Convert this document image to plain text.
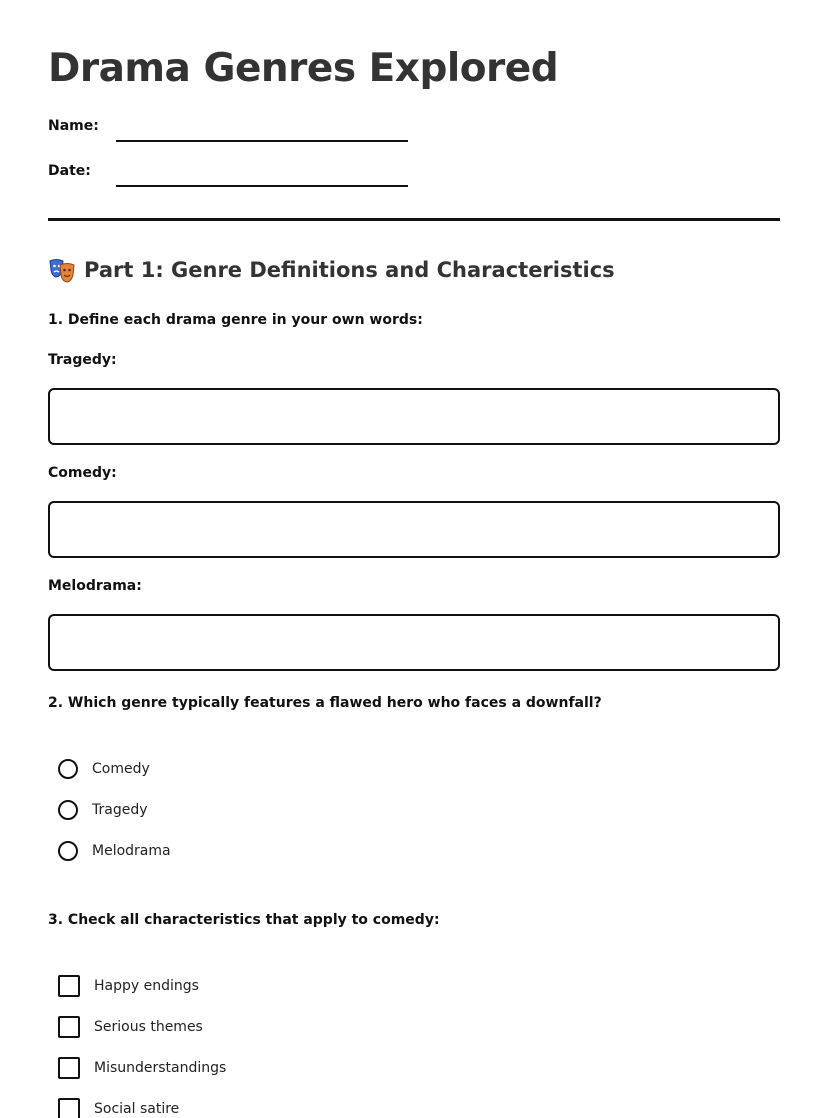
Drama Genres Explored
Name:
Date:
Part 1: Genre Definitions and Characteristics
1. Define each drama genre in your own words:
Tragedy:
Comedy:
Melodrama:
2. Which genre typically features a flawed hero who faces a downfall?
Comedy
Tragedy
Melodrama
3. Check all characteristics that apply to comedy:
Happy endings
Serious themes
Misunderstandings
Social satire
